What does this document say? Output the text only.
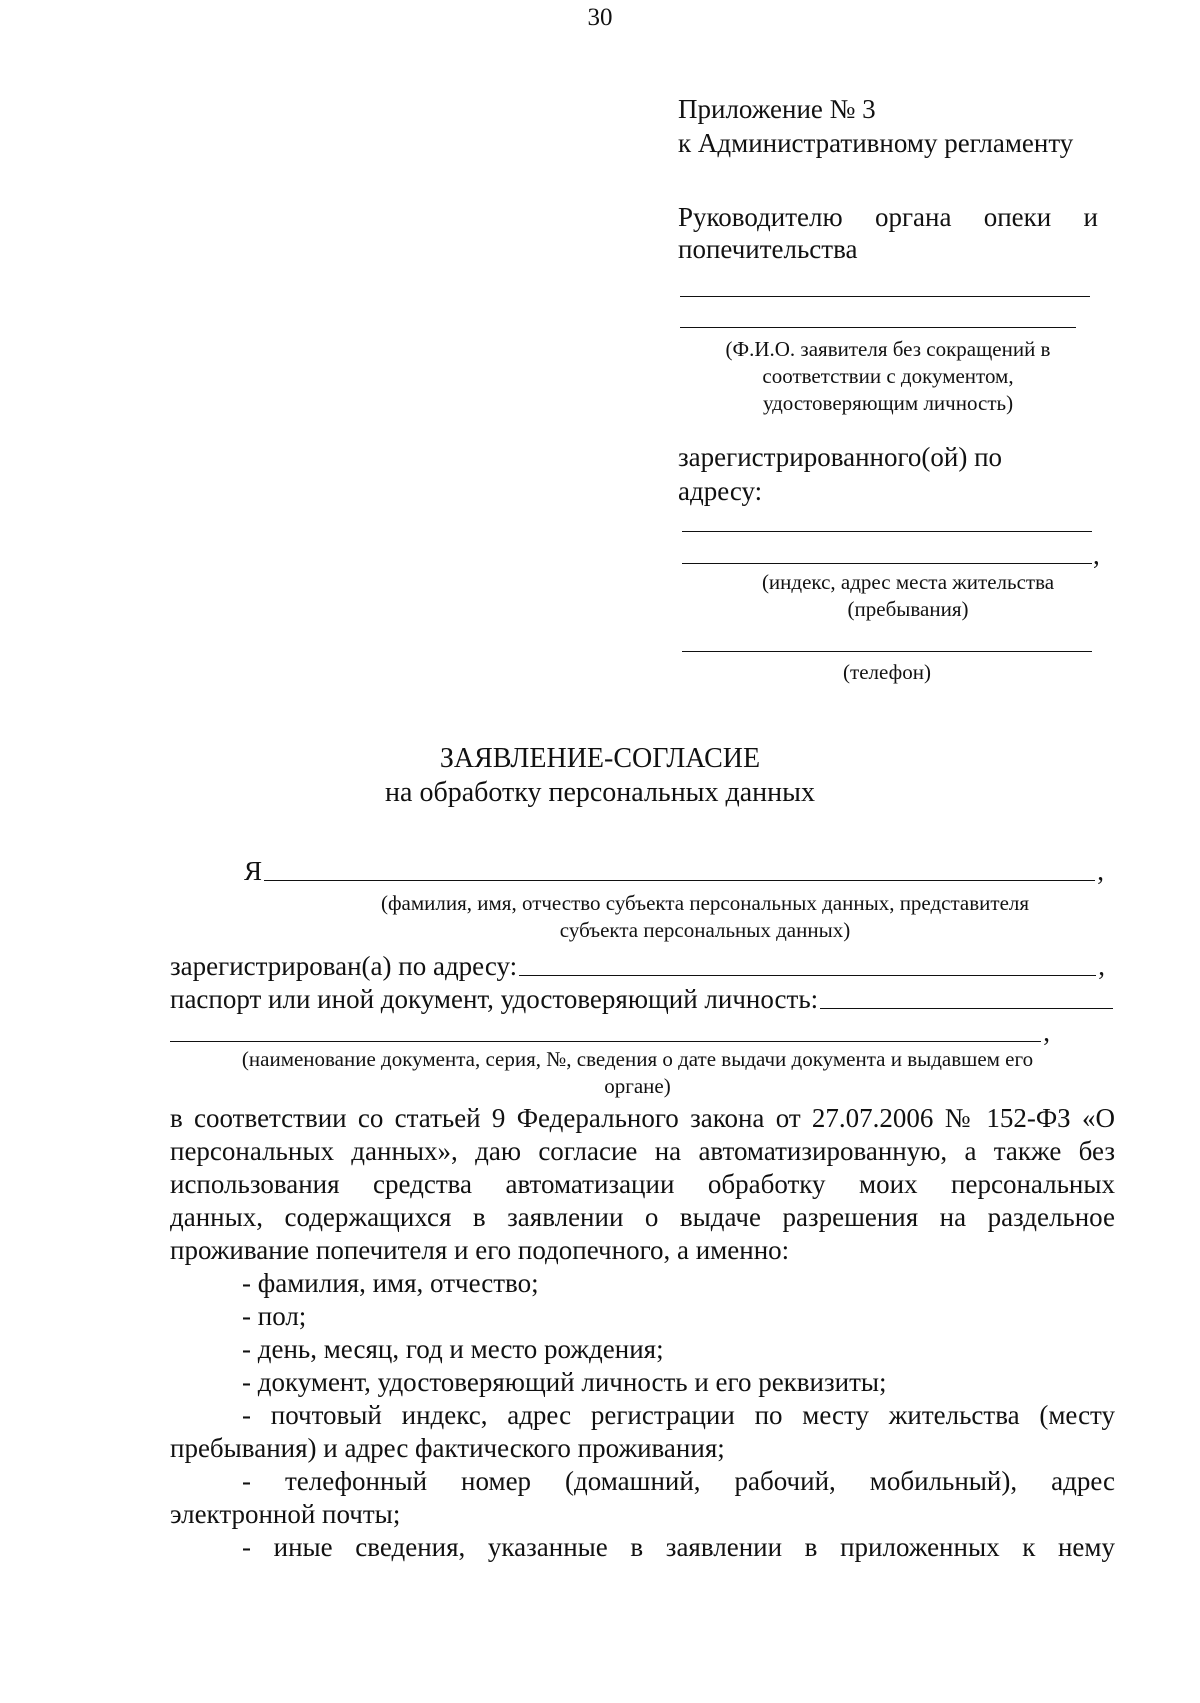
30
Приложение № 3
к Административному регламенту
Руководителю органа опеки и
попечительства
(Ф.И.О. заявителя без сокращений в
соответствии с документом,
удостоверяющим личность)
зарегистрированного(ой) по
адресу:
,
(индекс, адрес места жительства
(пребывания)
(телефон)
ЗАЯВЛЕНИЕ-СОГЛАСИЕ
на обработку персональных данных
Я	,
(фамилия, имя, отчество субъекта персональных данных, представителя
субъекта персональных данных)
зарегистрирован(а) по адресу:	,
паспорт или иной документ, удостоверяющий личность:
,
(наименование документа, серия, №, сведения о дате выдачи документа и выдавшем его
органе)
в соответствии со статьей 9 Федерального закона от 27.07.2006 № 152-ФЗ «О
персональных данных», даю согласие на автоматизированную, а также без
использования средства автоматизации обработку моих персональных
данных, содержащихся в заявлении о выдаче разрешения на раздельное
проживание попечителя и его подопечного, а именно:
- фамилия, имя, отчество;
- пол;
- день, месяц, год и место рождения;
- документ, удостоверяющий личность и его реквизиты;
- почтовый индекс, адрес регистрации по месту жительства (месту
пребывания) и адрес фактического проживания;
- телефонный номер (домашний, рабочий, мобильный), адрес
электронной почты;
- иные сведения, указанные в заявлении в приложенных к нему
